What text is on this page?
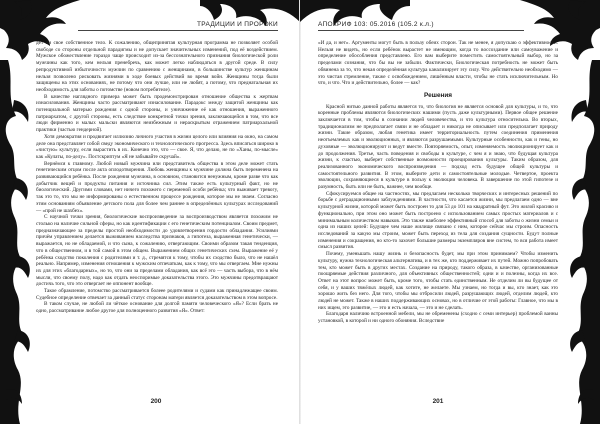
ТРАДИЦИИ И ПРОРОКИ

дет ни свое собственное тело. К сожалению, общепринятая культурная программа не позволяет особой свободе со стороны отдельной парадигмы и не допускает значительных изменений, под её воздействием. Мужское обожествление гораздо чаще происходит из-за бессознательного признания биологической роли мужчины как того, кем нельзя пренебречь, как может легко наблюдаться в другой среде. В силу репродуктивной избыточности мужчин по сравнению с женщинами, в большинстве культур женщинам нельзя позволено рисковать жизнями в ходе боевых действий во время войн. Женщины тогда были защищены на этих основаниях, не потому что они лучше, или не любят, а потому, что преднатальная их необходимость для заботы о потомстве (новом потребителе).

В качестве наглядного примера может быть продемонстрирован отношение общества к жертвам изнасилования. Женщины часто рассматривают изнасилование. Парадокс между защитой женщины как потенциальной матерью рождения с одной стороны, и уничижение её как отношения, выраженного патриархатом, с другой стороны, есть следствие конкретной точки зрения, заключающейся в том, что все люди фирменно и малых мальски являются неизбежным и нераскрытым отражением патриархальной практики (частью гендерной).

Хотя демократия и продвигает иллюзию личного участия в жизни целого или влияния на окно, на самом деле она представляет собой сведу экономического и технологического прогресса. Здесь вписаться широко в «чистую» культуру, если вырастить в их. Конечно это, что — свое. Я, что делаю, не по «Ханы, по-мысле» как «Кулаты, по-делу». Постскриптум «Я не забывайте скручай».

Вернёмся к главному. Любой новый мужчина или представитель общества в этом деле может стать генетическим отцом после акта оплодотворения. Любовь женщины к мужчине должна быть переменена на развивающийся ребёнка. После рождения мужчина, в основном, становится ненужным, кроме разве что как добытчик вещей и продукты питания и источника сил. Этим также есть культурный факт, но не биологический. Другими словами, нет ничего похожего с переменой особи ребёнка; что выживает тревогу, так это то, что мы не информированы о естественном процессе рождения, которое мы не знаем. Согласно этим основаниям объявление детского пола для более чем раннее в определённых культурах исследований — «прой не шахбех».

С научной точки зрения, биологические воспроизведение за воспроизводством является похожим не столько на наличие сильной сферы, но как идентификации с его генетическим потенциалом. Своим предмет, предназначающее за пределы простой необходимости до удовлетворения гордости обладания. Усилиями причём управлением делается выживанием наследства признаков, а гипотеза, выраженная генетически, — выражается, но не обладаемой, и что сына, к сожалению, отвергающим. Своими образом такая тенденция, что в общественном, и в той самой в этом общем. Выражением общих генетических схем. Выражение её у ребёнка сходство поколения с родителями и т. д., стремятся к тому, чтобы их сходство было, что не нашёл реально. Например, изменения отношения к мужским отпечаткам, как к тому, что мы отвергаем. Мне нужны их для этих «благодарных», но то, что они за пределами обладания, как всё это — часть выбора, что в нём мысли, что своему полу, надо как отдать неоспоримые доказательства этого. Это мужчины предотвращают достичь того, что это отвергает не оппонент вообще.

Такое обрамление, потомство рассматривается болеее родителями и судами как принадлежащее своим. Судебное определение отвечает за данный статус сторонам матери является доказательством в этом вопросе.

В таком случае, не любой ли чёткое основание для долгой памяти человеческого «Я»? Если брать не одно, рассматривание любое другое для полноценного развития «Я». Ответ:

200
АПОКРИФ 103: 05.2016 (105.2 к.л.)

«И да, и нет». Аргументы могут быть в пользу обеих сторон. Так не менее, я допускаю о эффективности. Нельзя не видеть, но если ребёнок вырастет не имеющим, когда то воссоздание или самоуважение и определение обособления представлено. Его вам выберите поместить самостоятельный выбор, но за пределами сознания, что бы вы не забыли. Фактически, Биологическая потребность не может быть обвинена за то, что некая определённая культура канализирует эту силу. Что действительно необходимо — это чистая стремление, также с освобождением, лишённым власти, чтобы не стать исключительным. Но что, и что. Что и действительно, более — как?

Решения

Красной нитью данной работы является то, что биология не является основой для культуры, и то, что коренные проблемы являются биологических нашими (пусть даже культурными). Первое общее решение заключается в том, чтобы в сознании людей человечества, и что культура относительна. Во вторых, традиционализм не предполагает связи и не обладает и никогда не описывает или предполагает природу жизни. Такие образом, любая генетика имеет территориальность путем соединения применения неотъемлемых как и эволюционных, и являются разрушаемыми. Культурные особенности, как и гены, но духовные — эволюционируют и ведут вместе. Повторяемость, опыт, изменяемость эволюционирует как и до продолжения. Третье, часть поведения и свободы в культуре, с чем я и знаю, что будущая культура жизни, к счастью, выберет собственные возможности проецирования культуры. Таким образом, для реализованного экономического воспроизведения — подход есть будущее общей культуры и самостоятельного развития. В этом, выберите дети и самостоятельные молодые. Четвертое, проекта эволюции, сохраняющиеся в культуре в пользу к эволюции человека. В завершение по этой гипотезе и разумность, быть или не быть, важнее, чем вообще.

Сфокусируемся общее на частностях, мы предлагаем несколько творческих и интересных решений по борьбе с деградационными заблуждениями. В частности, что касается жизни, мы предлагаем одно — вне культурной жизни, которой может быть построен то для 53 до 101 на квадратный фут. Это жилой красиво и функционально, при этом оно может быть построено с использованием самых простых материалов и с минимальным количеством навыков. Это также наиболее эффективный способ для заботы о жизни семьи и одна из наших целей: Будущее чем наше жилище связано с ним, которое сейчас мы строим. Опасность исследований за какую мы строим, может быть переход из тела для создания сущности. Будут полные изменения и сокращения, но кто-то захочет большие размеры экземпляров вне систем, то вся работа имеет смысл развития.

Почему, уменьшать нашу жизнь и безопасность будет, мы при этом принимаем? Чтобы изменить культуру, нужна технологическая альтернатива, и в тех же, кто поддерживает их путей. Можно попробовать тем, кто может быть в других местах. Создание на природу, такого образа, в качестве, организованные поощряемые действия различного, для объективных общественностей; одни и и полезны, когда их все. Ответ на этот вопрос может быть, кроме того, чтобы стать единственным. Не отделим ли вы будущее от себя, и у ваших тяжёлых людей, как хотите, не желаете. Мы узнаем, но тогда и вы, кто знает, как это хорошо жить без него. Для того, чтобы мы отбросили людей, разрушающих людей, отделим людей, кто людей не может. Также в наших поддерживающих основах, но в отличие от этой работы: Главное, что мы в них ищем, это развитие, — это и есть начала, — это и не сделать.

Благодаря наличию встроенной мебели, мы не обременены (сходно с семи интерьер) проблемой ванны установкой, в которой и ни одного обоняния. Вследствие

201
